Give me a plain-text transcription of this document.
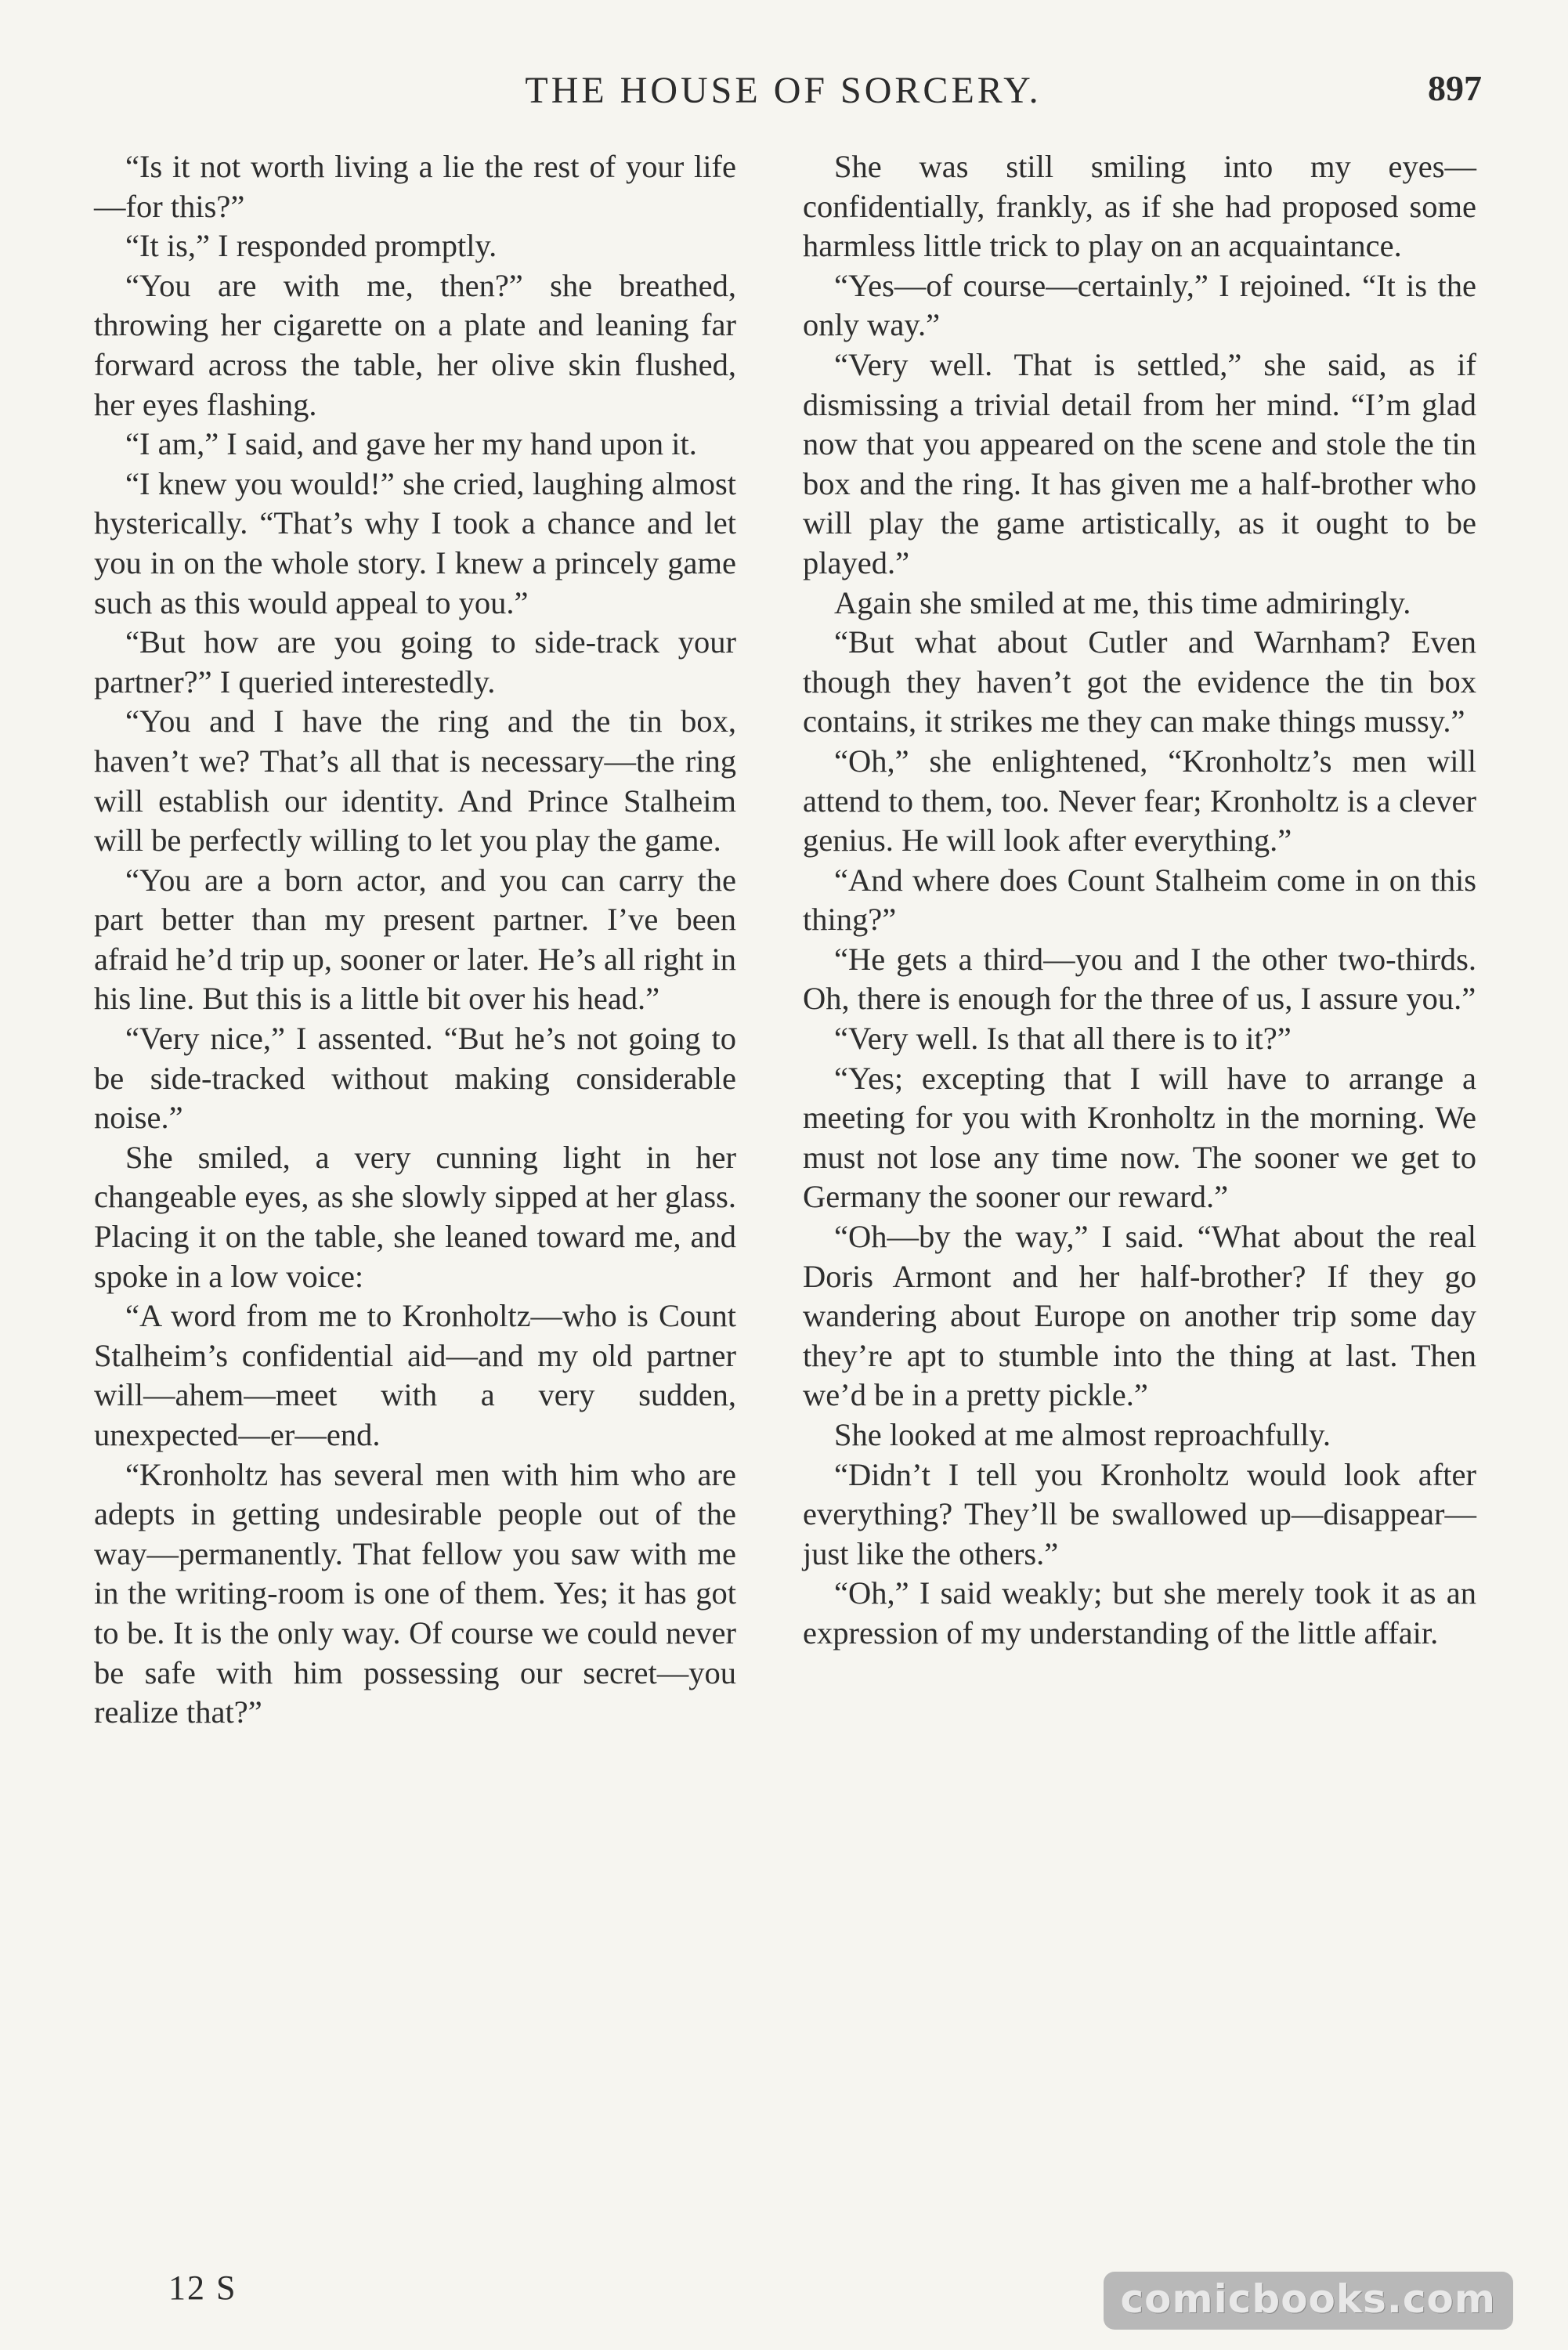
THE HOUSE OF SORCERY.	897

“Is it not worth living a lie the rest of your life—for this?”

“It is,” I responded promptly.

“You are with me, then?” she breathed, throwing her cigarette on a plate and leaning far forward across the table, her olive skin flushed, her eyes flashing.

“I am,” I said, and gave her my hand upon it.

“I knew you would!” she cried, laughing almost hysterically. “That’s why I took a chance and let you in on the whole story. I knew a princely game such as this would appeal to you.”

“But how are you going to side-track your partner?” I queried interestedly.

“You and I have the ring and the tin box, haven’t we? That’s all that is necessary—the ring will establish our identity. And Prince Stalheim will be perfectly willing to let you play the game.

“You are a born actor, and you can carry the part better than my present partner. I’ve been afraid he’d trip up, sooner or later. He’s all right in his line. But this is a little bit over his head.”

“Very nice,” I assented. “But he’s not going to be side-tracked without making considerable noise.”

She smiled, a very cunning light in her changeable eyes, as she slowly sipped at her glass. Placing it on the table, she leaned toward me, and spoke in a low voice:

“A word from me to Kronholtz—who is Count Stalheim’s confidential aid—and my old partner will—ahem—meet with a very sudden, unexpected—er—end.

“Kronholtz has several men with him who are adepts in getting undesirable people out of the way—permanently. That fellow you saw with me in the writing-room is one of them. Yes; it has got to be. It is the only way. Of course we could never be safe with him possessing our secret—you realize that?”

She was still smiling into my eyes—confidentially, frankly, as if she had proposed some harmless little trick to play on an acquaintance.

“Yes—of course—certainly,” I rejoined. “It is the only way.”

“Very well. That is settled,” she said, as if dismissing a trivial detail from her mind. “I’m glad now that you appeared on the scene and stole the tin box and the ring. It has given me a half-brother who will play the game artistically, as it ought to be played.”

Again she smiled at me, this time admiringly.

“But what about Cutler and Warnham? Even though they haven’t got the evidence the tin box contains, it strikes me they can make things mussy.”

“Oh,” she enlightened, “Kronholtz’s men will attend to them, too. Never fear; Kronholtz is a clever genius. He will look after everything.”

“And where does Count Stalheim come in on this thing?”

“He gets a third—you and I the other two-thirds. Oh, there is enough for the three of us, I assure you.”

“Very well. Is that all there is to it?”

“Yes; excepting that I will have to arrange a meeting for you with Kronholtz in the morning. We must not lose any time now. The sooner we get to Germany the sooner our reward.”

“Oh—by the way,” I said. “What about the real Doris Armont and her half-brother? If they go wandering about Europe on another trip some day they’re apt to stumble into the thing at last. Then we’d be in a pretty pickle.”

She looked at me almost reproachfully.

“Didn’t I tell you Kronholtz would look after everything? They’ll be swallowed up—disappear—just like the others.”

“Oh,” I said weakly; but she merely took it as an expression of my understanding of the little affair.

12 S	comicbooks.com
